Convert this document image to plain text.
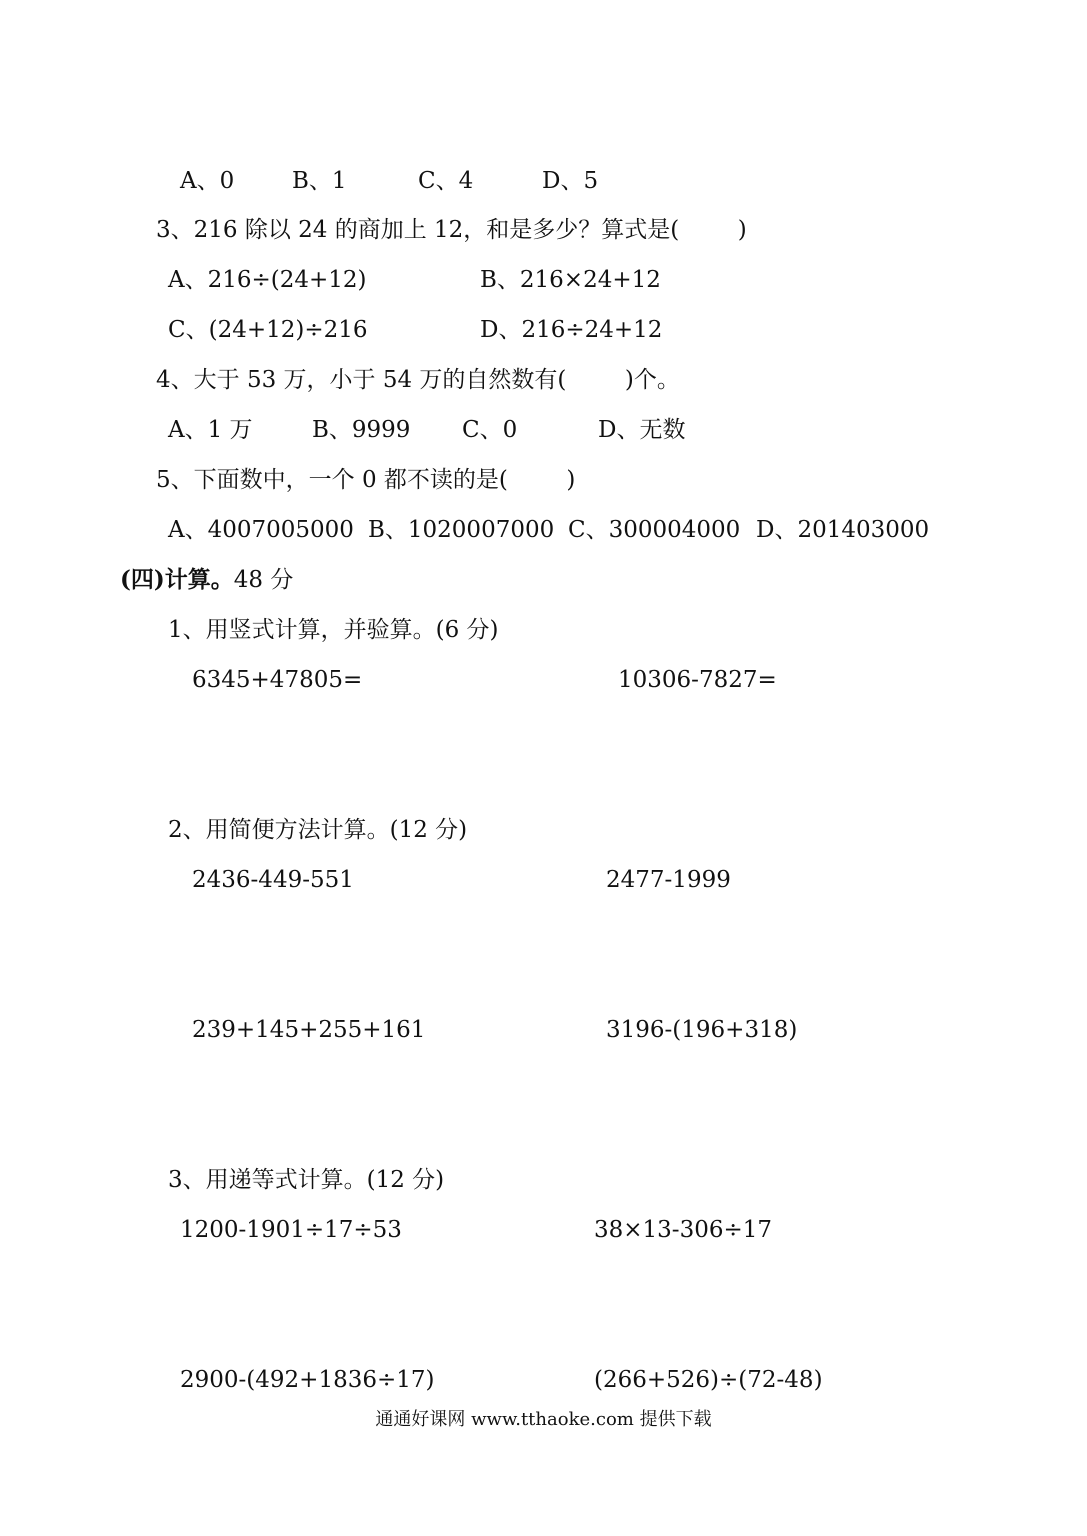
A、0	B、1	C、4	D、5
3、216 除以 24 的商加上 12，和是多少？算式是(        )
A、216÷(24+12)	B、216×24+12
C、(24+12)÷216	D、216÷24+12
4、大于 53 万，小于 54 万的自然数有(        )个。
A、1 万	B、9999 C、0	D、无数
5、下面数中，一个 0 都不读的是(        )
A、4007005000 B、1020007000 C、300004000 D、201403000
(四)计算。48 分
1、用竖式计算，并验算。(6 分)
6345+47805=	10306-7827=
2、用简便方法计算。(12 分)
2436-449-551	2477-1999
239+145+255+161	3196-(196+318)
3、用递等式计算。(12 分)
1200-1901÷17÷53	38×13-306÷17
2900-(492+1836÷17)	(266+526)÷(72-48)
通通好课网 www.tthaoke.com 提供下载
